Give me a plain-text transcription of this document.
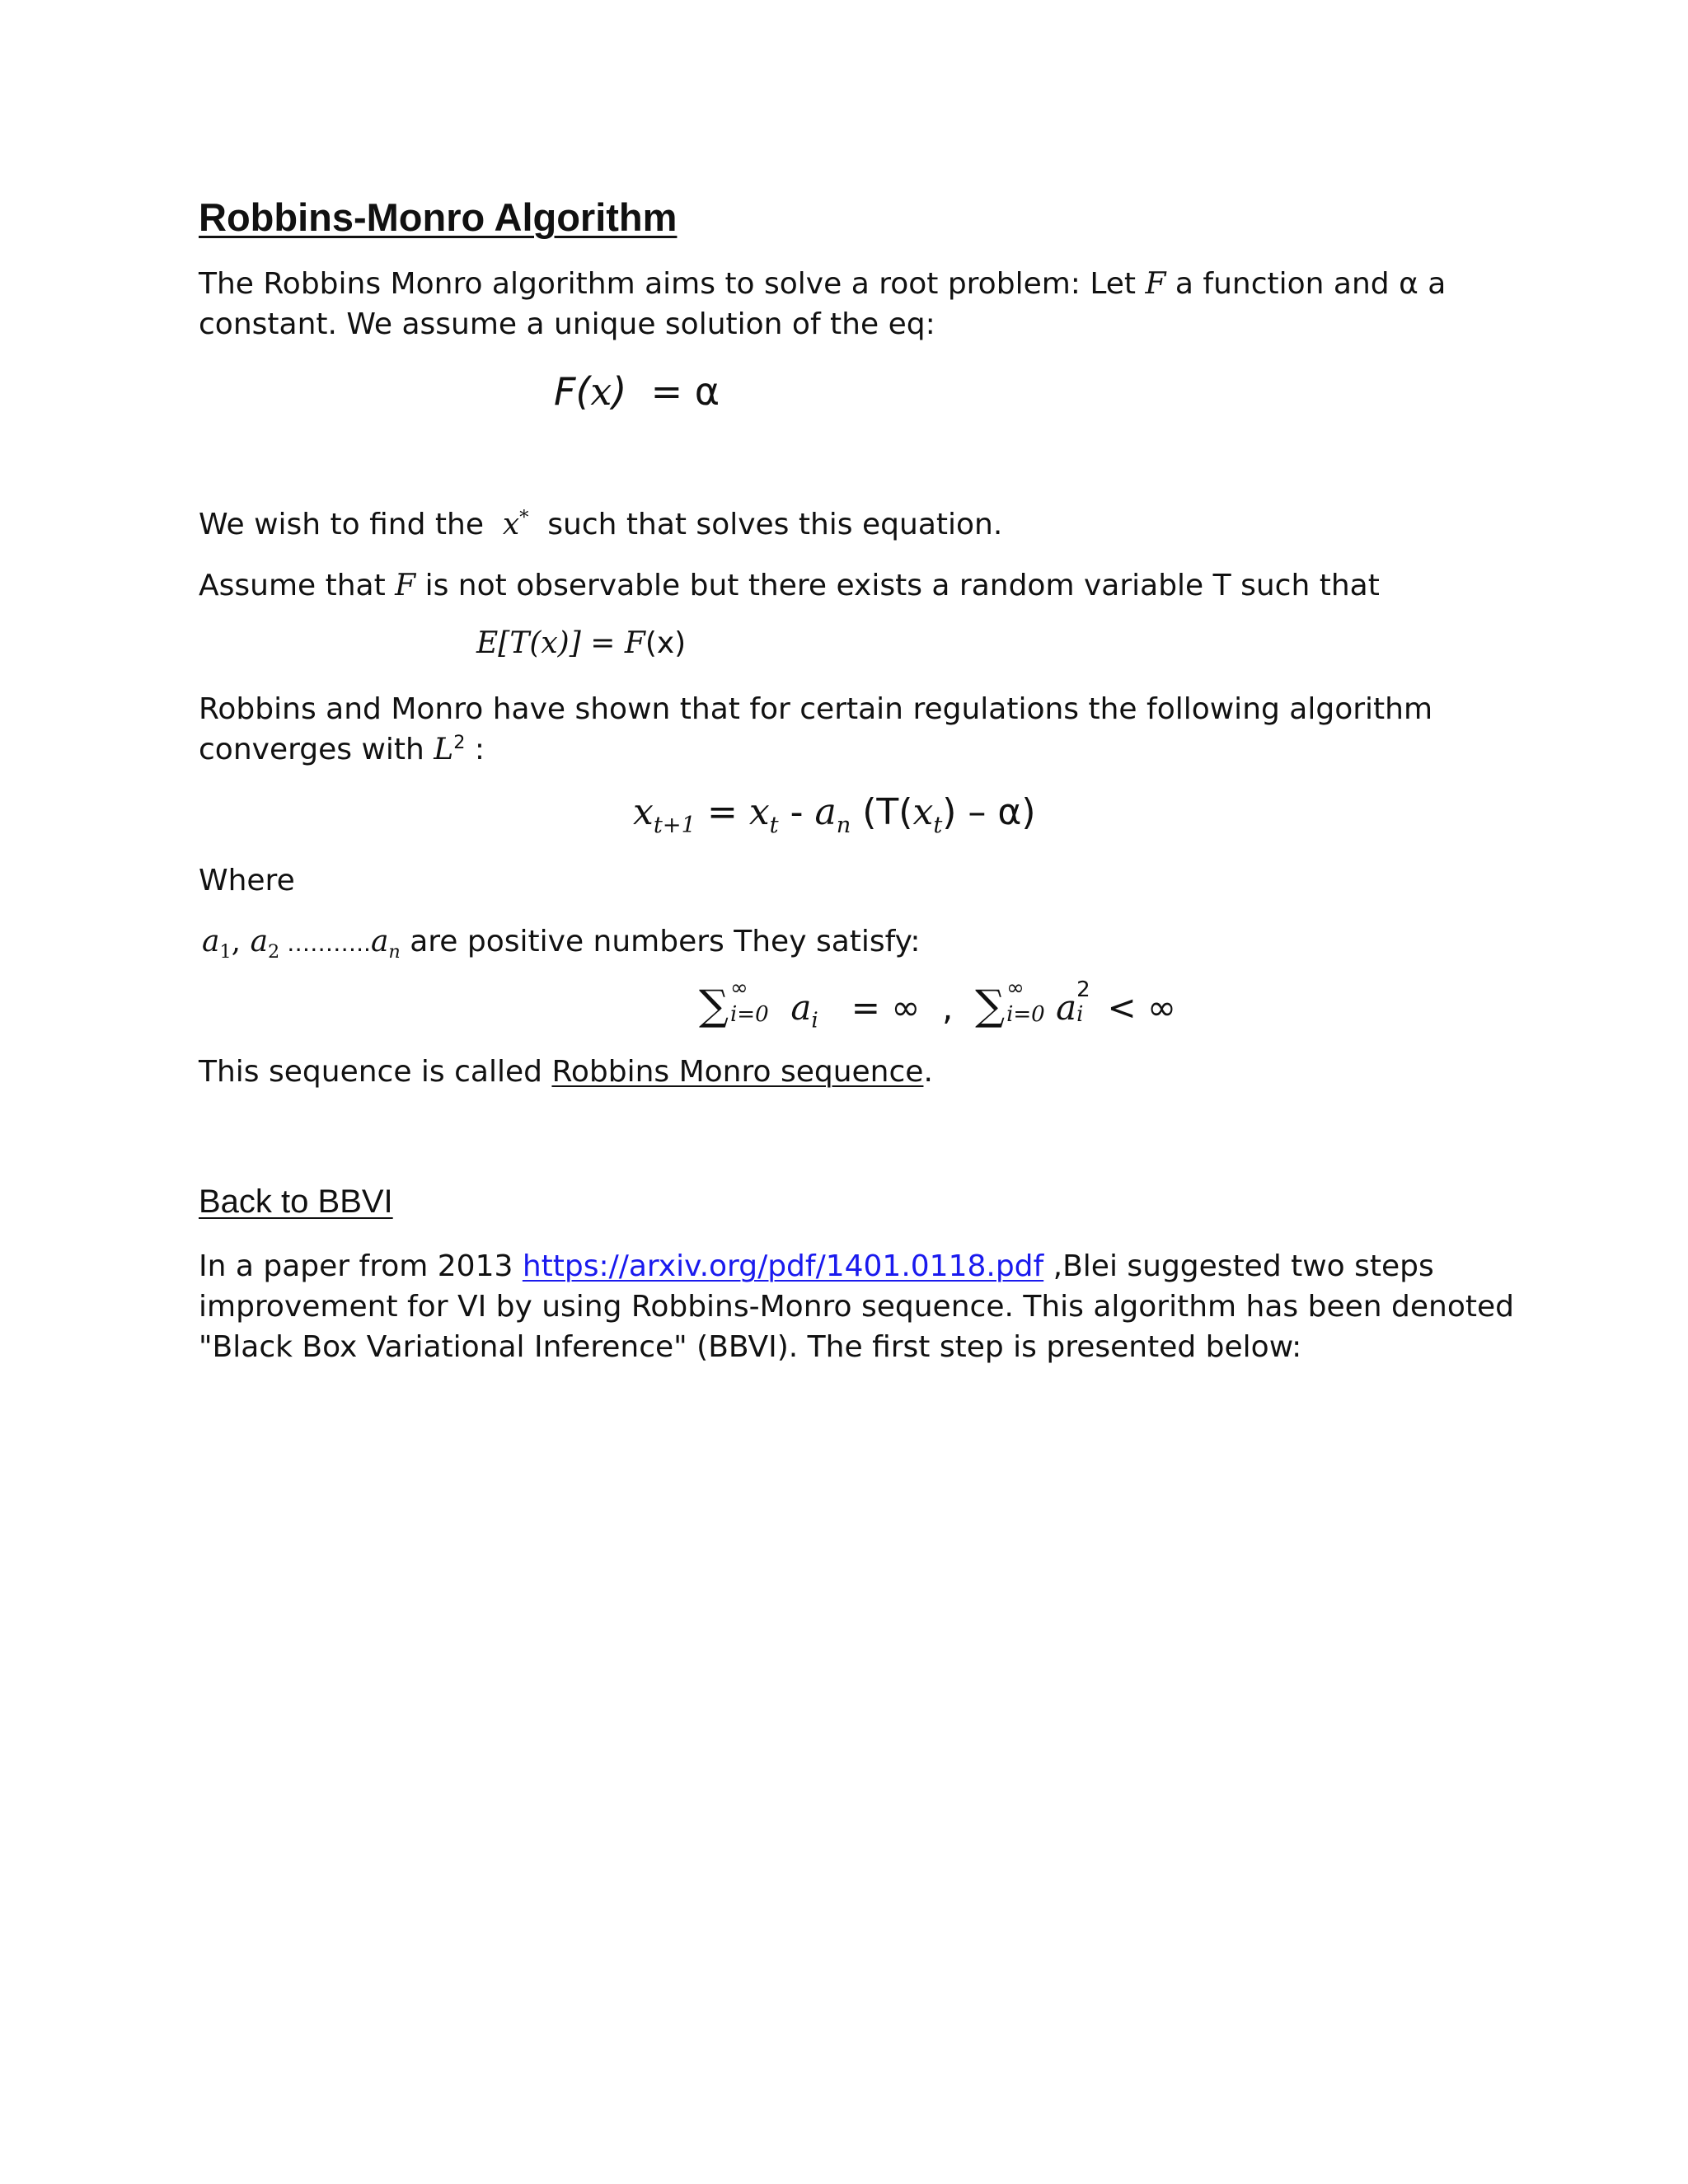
Robbins-Monro Algorithm
The Robbins Monro algorithm aims to solve a root problem: Let F a function and α a
constant. We assume a unique solution of the eq:
F(x) = α
We wish to find the  x*  such that solves this equation.
Assume that F is not observable but there exists a random variable T such that
E[T(x)] = F(x)
Robbins and Monro have shown that for certain regulations the following algorithm
converges with $L^2$ :
$x_{t+1} = x_t - a_n$ $(T(x_t) - \alpha)$
Where
$a_1$, $a_2$ $\dots\dots\dots..a_n$ are positive numbers They satisfy:
∑ ∞
i=0 $a_i$ = ∞ , ∑ ∞
i=0 a 2
i < ∞
This sequence is called Robbins Monro sequence.
Back to BBVI
In a paper from 2013 https://arxiv.org/pdf/1401.0118.pdf ,Blei suggested two steps
improvement for VI by using Robbins-Monro sequence. This algorithm has been denoted
"Black Box Variational Inference" (BBVI). The first step is presented below:
